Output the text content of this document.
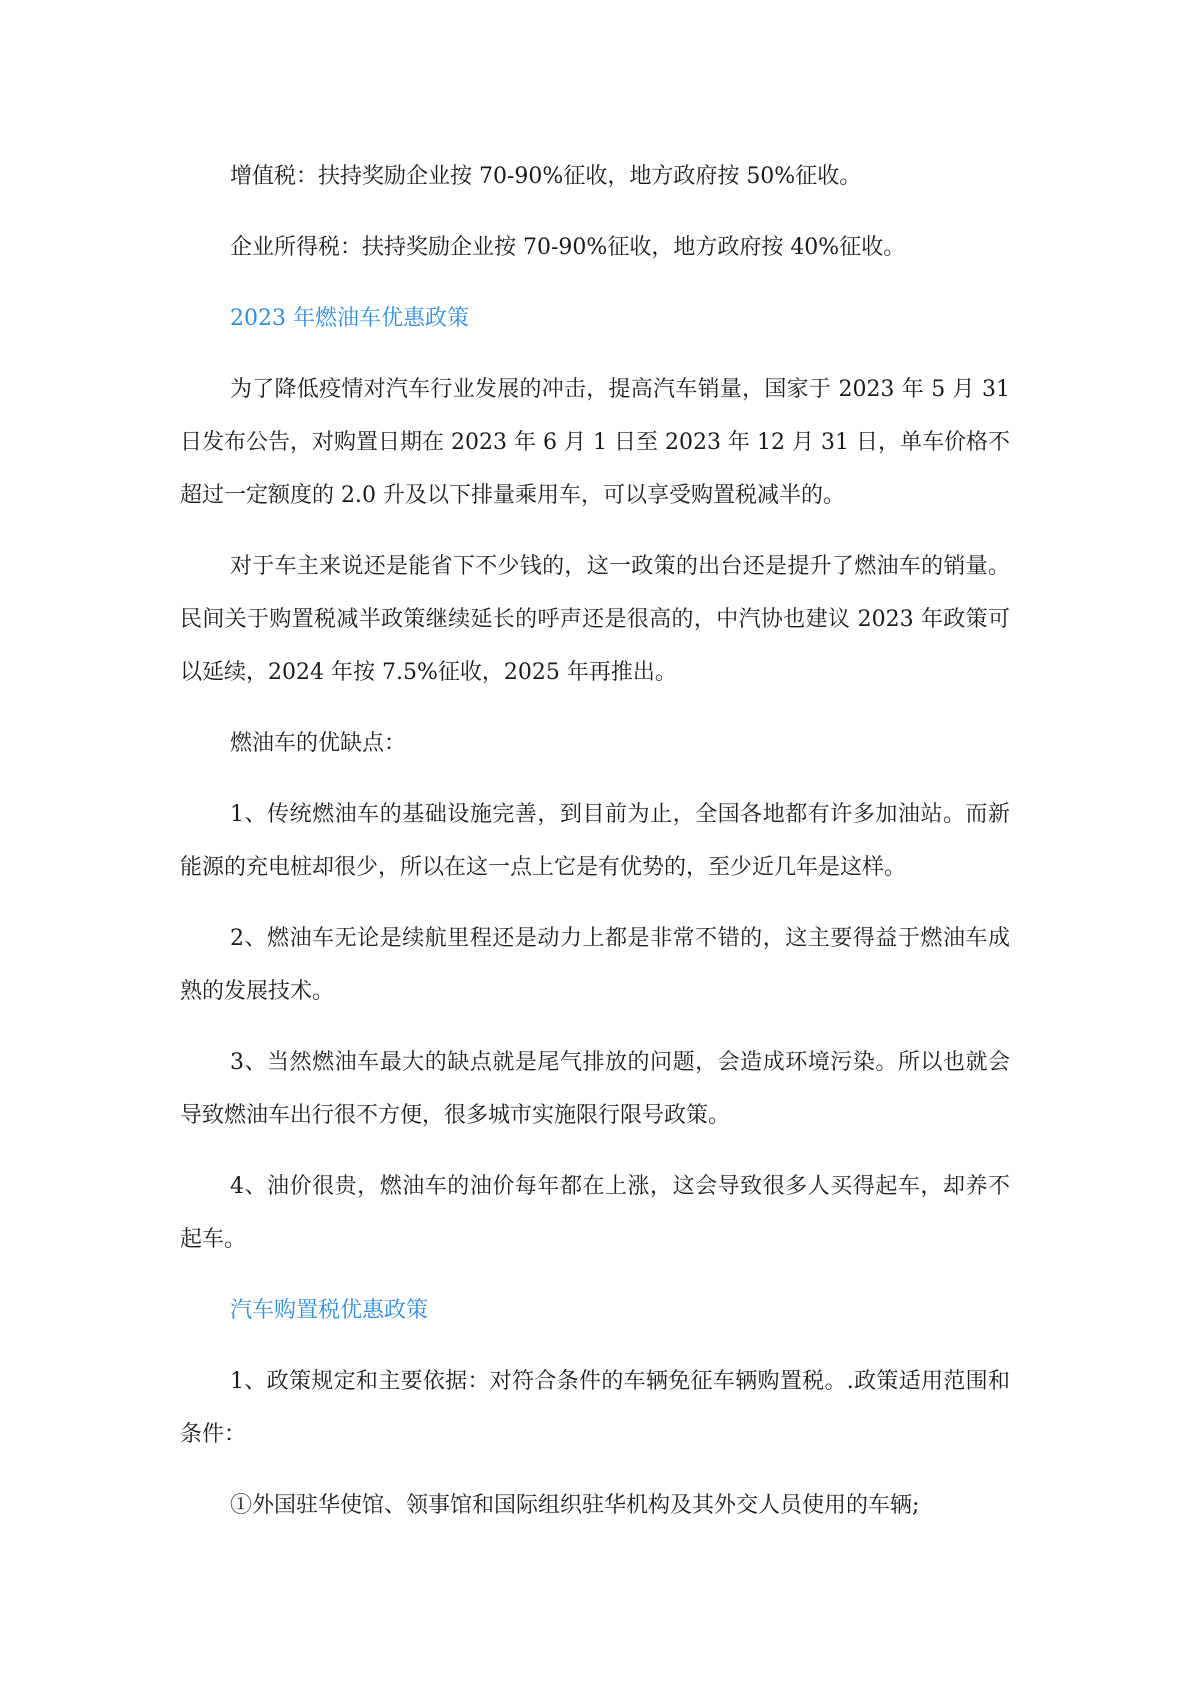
增值税：扶持奖励企业按 70-90%征收，地方政府按 50%征收。

企业所得税：扶持奖励企业按 70-90%征收，地方政府按 40%征收。

2023 年燃油车优惠政策

为了降低疫情对汽车行业发展的冲击，提高汽车销量，国家于 2023 年 5 月 31 日发布公告，对购置日期在 2023 年 6 月 1 日至 2023 年 12 月 31 日，单车价格不超过一定额度的 2.0 升及以下排量乘用车，可以享受购置税减半的。

对于车主来说还是能省下不少钱的，这一政策的出台还是提升了燃油车的销量。民间关于购置税减半政策继续延长的呼声还是很高的，中汽协也建议 2023 年政策可以延续，2024 年按 7.5%征收，2025 年再推出。

燃油车的优缺点：

1、传统燃油车的基础设施完善，到目前为止，全国各地都有许多加油站。而新能源的充电桩却很少，所以在这一点上它是有优势的，至少近几年是这样。

2、燃油车无论是续航里程还是动力上都是非常不错的，这主要得益于燃油车成熟的发展技术。

3、当然燃油车最大的缺点就是尾气排放的问题，会造成环境污染。所以也就会导致燃油车出行很不方便，很多城市实施限行限号政策。

4、油价很贵，燃油车的油价每年都在上涨，这会导致很多人买得起车，却养不起车。

汽车购置税优惠政策

1、政策规定和主要依据：对符合条件的车辆免征车辆购置税。.政策适用范围和条件：

①外国驻华使馆、领事馆和国际组织驻华机构及其外交人员使用的车辆;
